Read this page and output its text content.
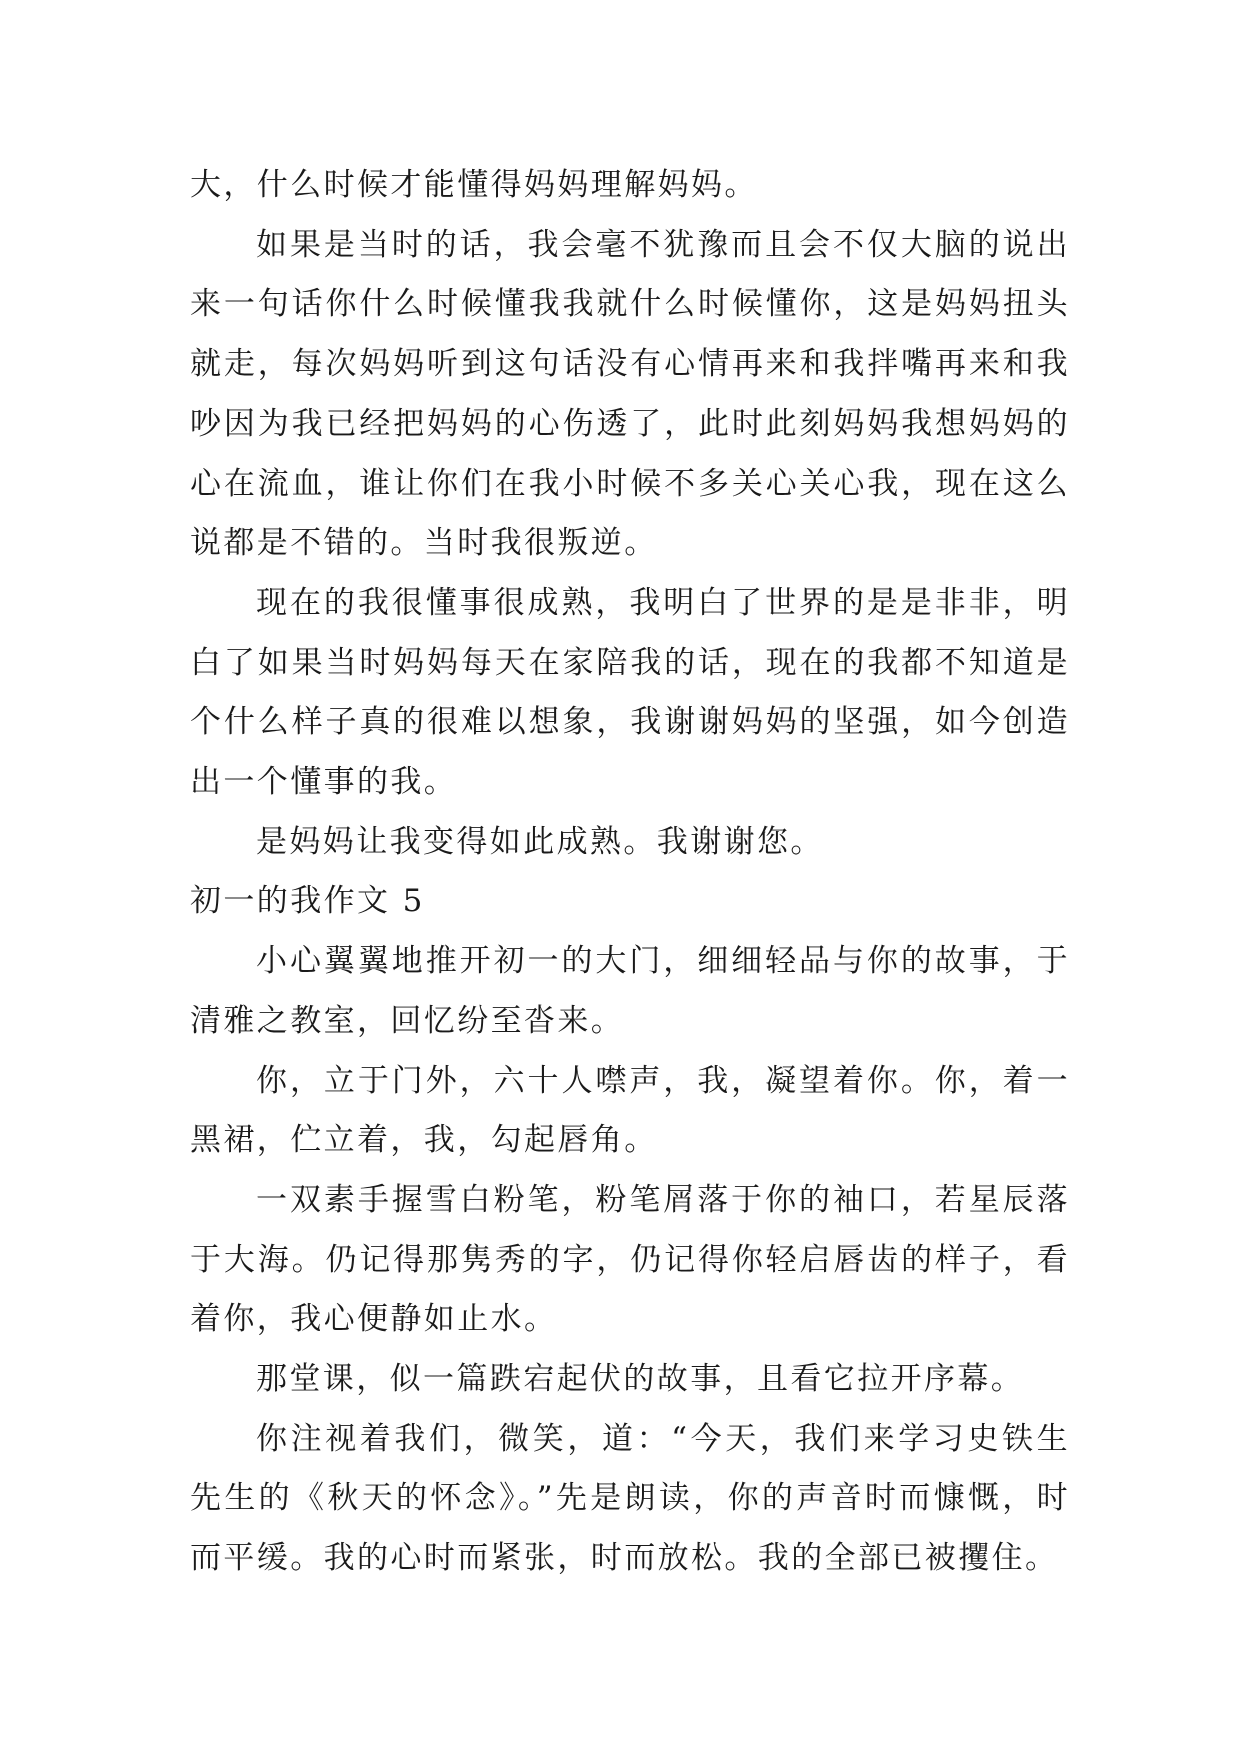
大，什么时候才能懂得妈妈理解妈妈。

如果是当时的话，我会毫不犹豫而且会不仅大脑的说出来一句话你什么时候懂我我就什么时候懂你，这是妈妈扭头就走，每次妈妈听到这句话没有心情再来和我拌嘴再来和我吵因为我已经把妈妈的心伤透了，此时此刻妈妈我想妈妈的心在流血，谁让你们在我小时候不多关心关心我，现在这么说都是不错的。当时我很叛逆。

现在的我很懂事很成熟，我明白了世界的是是非非，明白了如果当时妈妈每天在家陪我的话，现在的我都不知道是个什么样子真的很难以想象，我谢谢妈妈的坚强，如今创造出一个懂事的我。

是妈妈让我变得如此成熟。我谢谢您。

初一的我作文 5

小心翼翼地推开初一的大门，细细轻品与你的故事，于清雅之教室，回忆纷至沓来。

你，立于门外，六十人噤声，我，凝望着你。你，着一黑裙，伫立着，我，勾起唇角。

一双素手握雪白粉笔，粉笔屑落于你的袖口，若星辰落于大海。仍记得那隽秀的字，仍记得你轻启唇齿的样子，看着你，我心便静如止水。

那堂课，似一篇跌宕起伏的故事，且看它拉开序幕。

你注视着我们，微笑，道：“今天，我们来学习史铁生先生的《秋天的怀念》。”先是朗读，你的声音时而慷慨，时而平缓。我的心时而紧张，时而放松。我的全部已被攫住。
